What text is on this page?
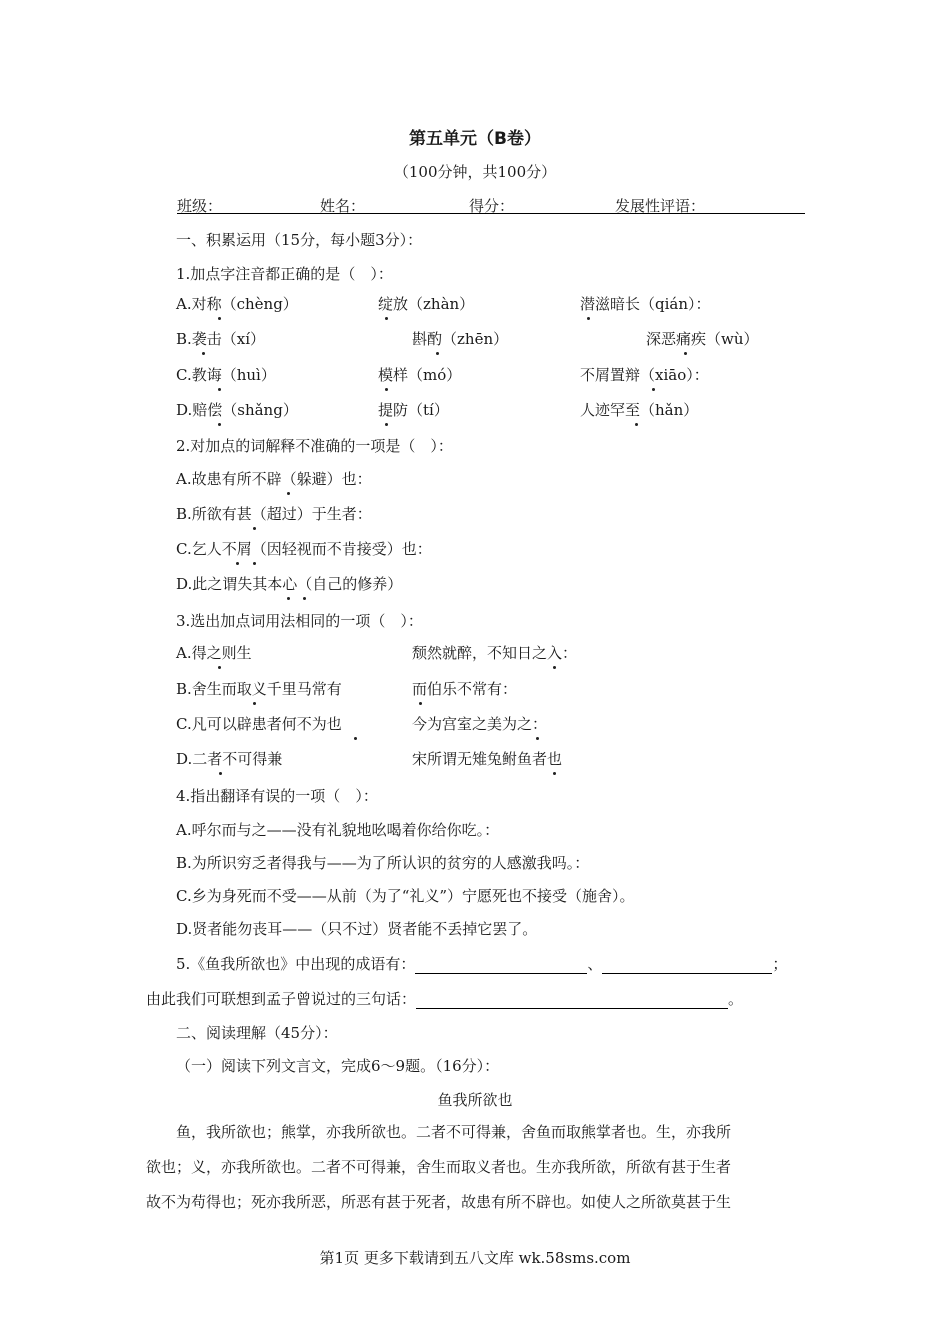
第五单元（B卷）
（100分钟，共100分）
班级：	姓名：	得分：	发展性评语：
一、积累运用（15分，每小题3分）：
1.加点字注音都正确的是（　）：
A.对称（chèng）	绽放（zhàn）	潜滋暗长（qián）：
B.袭击（xí）	斟酌（zhēn）	深恶痛疾（wù）
C.教诲（huì）	模样（mó）	不屑置辩（xiāo）：
D.赔偿（shǎng）	提防（tí）	人迹罕至（hǎn）
2.对加点的词解释不准确的一项是（　）：
A.故患有所不辟（躲避）也：
B.所欲有甚（超过）于生者：
C.乞人不屑（因轻视而不肯接受）也：
D.此之谓失其本心（自己的修养）
3.选出加点词用法相同的一项（　）：
A.得之则生	颓然就醉，不知日之入：
B.舍生而取义千里马常有	而伯乐不常有：
C.凡可以辟患者何不为也	今为宫室之美为之：
D.二者不可得兼	宋所谓无雉兔鲋鱼者也
4.指出翻译有误的一项（　）：
A.呼尔而与之——没有礼貌地吆喝着你给你吃。：
B.为所识穷乏者得我与——为了所认识的贫穷的人感激我吗。：
C.乡为身死而不受——从前（为了“礼义”）宁愿死也不接受（施舍）。
D.贤者能勿丧耳——（只不过）贤者能不丢掉它罢了。
5.《鱼我所欲也》中出现的成语有：	、	；
由此我们可联想到孟子曾说过的三句话：	。
二、阅读理解（45分）：
（一）阅读下列文言文，完成6～9题。（16分）：
鱼我所欲也
鱼，我所欲也；熊掌，亦我所欲也。二者不可得兼，舍鱼而取熊掌者也。生，亦我所
欲也；义，亦我所欲也。二者不可得兼，舍生而取义者也。生亦我所欲，所欲有甚于生者
故不为苟得也；死亦我所恶，所恶有甚于死者，故患有所不辟也。如使人之所欲莫甚于生
第1页 更多下载请到五八文库 wk.58sms.com
